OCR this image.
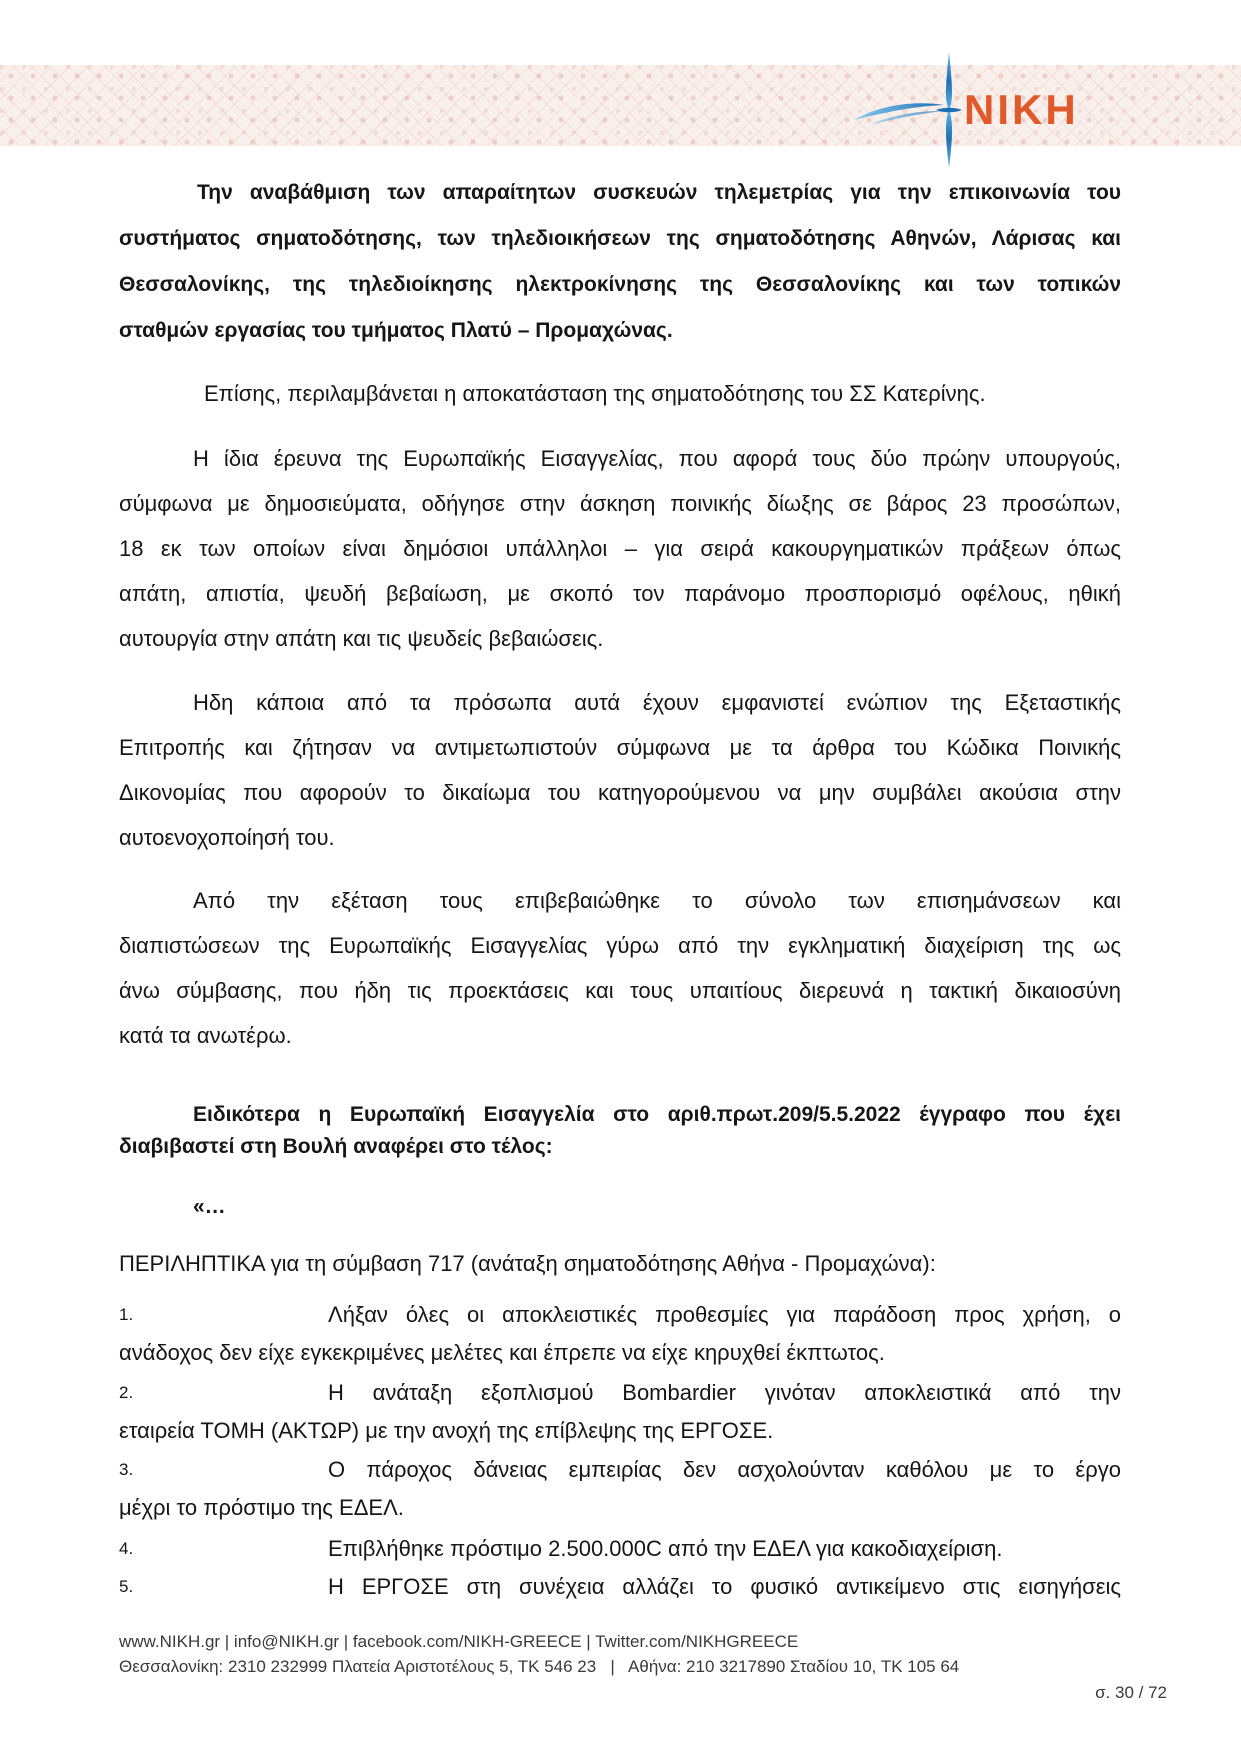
NIKH
Την αναβάθμιση των απαραίτητων συσκευών τηλεμετρίας για την επικοινωνία του
συστήματος σηματοδότησης, των τηλεδιοικήσεων της σηματοδότησης Αθηνών, Λάρισας και
Θεσσαλονίκης, της τηλεδιοίκησης ηλεκτροκίνησης της Θεσσαλονίκης και των τοπικών
σταθμών εργασίας του τμήματος Πλατύ – Προμαχώνας.
Επίσης, περιλαμβάνεται η αποκατάσταση της σηματοδότησης του ΣΣ Κατερίνης.
Η ίδια έρευνα της Ευρωπαϊκής Εισαγγελίας, που αφορά τους δύο πρώην υπουργούς,
σύμφωνα με δημοσιεύματα, οδήγησε στην άσκηση ποινικής δίωξης σε βάρος 23 προσώπων,
18 εκ των οποίων είναι δημόσιοι υπάλληλοι – για σειρά κακουργηματικών πράξεων όπως
απάτη, απιστία, ψευδή βεβαίωση, με σκοπό τον παράνομο προσπορισμό οφέλους, ηθική
αυτουργία στην απάτη και τις ψευδείς βεβαιώσεις.
Ηδη κάποια από τα πρόσωπα αυτά έχουν εμφανιστεί ενώπιον της Εξεταστικής
Επιτροπής και ζήτησαν να αντιμετωπιστούν σύμφωνα με τα άρθρα του Κώδικα Ποινικής
Δικονομίας που αφορούν το δικαίωμα του κατηγορούμενου να μην συμβάλει ακούσια στην
αυτοενοχοποίησή του.
Από την εξέταση τους επιβεβαιώθηκε το σύνολο των επισημάνσεων και
διαπιστώσεων της Ευρωπαϊκής Εισαγγελίας γύρω από την εγκληματική διαχείριση της ως
άνω σύμβασης, που ήδη τις προεκτάσεις και τους υπαιτίους διερευνά η τακτική δικαιοσύνη
κατά τα ανωτέρω.
Ειδικότερα η Ευρωπαϊκή Εισαγγελία στο αριθ.πρωτ.209/5.5.2022 έγγραφο που έχει
διαβιβαστεί στη Βουλή αναφέρει στο τέλος:
«…
ΠΕΡΙΛΗΠΤΙΚΑ για τη σύμβαση 717 (ανάταξη σηματοδότησης Αθήνα - Προμαχώνα):
1.	Λήξαν όλες οι αποκλειστικές προθεσμίες για παράδοση προς χρήση, ο
ανάδοχος δεν είχε εγκεκριμένες μελέτες και έπρεπε να είχε κηρυχθεί έκπτωτος.
2.	Η ανάταξη εξοπλισμού Bombardier γινόταν αποκλειστικά από την
εταιρεία ΤΟΜΗ (ΑΚΤΩΡ) με την ανοχή της επίβλεψης της ΕΡΓΟΣΕ.
3.	Ο πάροχος δάνειας εμπειρίας δεν ασχολούνταν καθόλου με το έργο
μέχρι το πρόστιμο της ΕΔΕΛ.
4.	Επιβλήθηκε πρόστιμο 2.500.000C από την ΕΔΕΛ για κακοδιαχείριση.
5.	Η ΕΡΓΟΣΕ στη συνέχεια αλλάζει το φυσικό αντικείμενο στις εισηγήσεις
www.NIKH.gr | info@NIKH.gr | facebook.com/NIKH-GREECE | Twitter.com/NIKHGREECE
Θεσσαλονίκη: 2310 232999 Πλατεία Αριστοτέλους 5, ΤΚ 546 23   |   Αθήνα: 210 3217890 Σταδίου 10, ΤΚ 105 64
σ. 30 / 72
